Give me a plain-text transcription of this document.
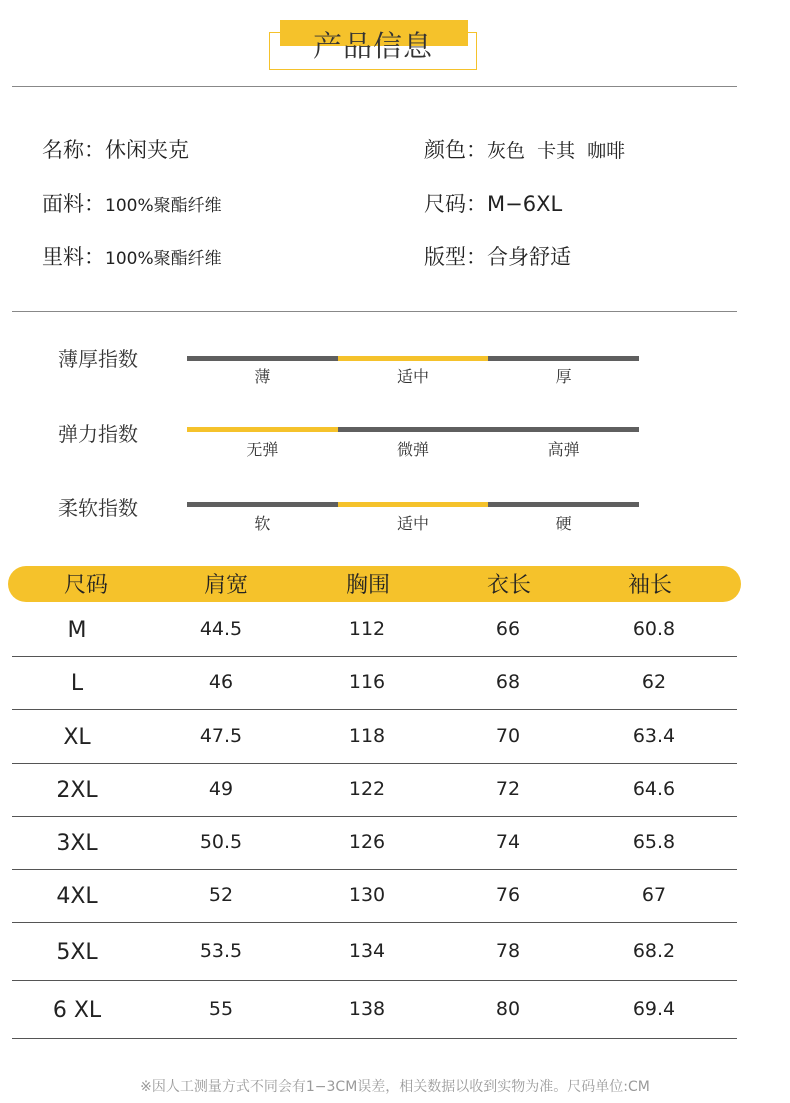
产品信息
名称：休闲夹克	颜色：灰色  卡其  咖啡
面料：100%聚酯纤维	尺码：M−6XL
里料：100%聚酯纤维	版型：合身舒适
薄厚指数
薄	适中	厚
弹力指数
无弹	微弹	高弹
柔软指数
软	适中	硬
尺码	肩宽	胸围	衣长	袖长
M	44.5	112	66	60.8
L	46	116	68	62
XL	47.5	118	70	63.4
2XL	49	122	72	64.6
3XL	50.5	126	74	65.8
4XL	52	130	76	67
5XL	53.5	134	78	68.2
6 XL	55	138	80	69.4
※因人工测量方式不同会有1−3CM误差，相关数据以收到实物为准。尺码单位:CM
